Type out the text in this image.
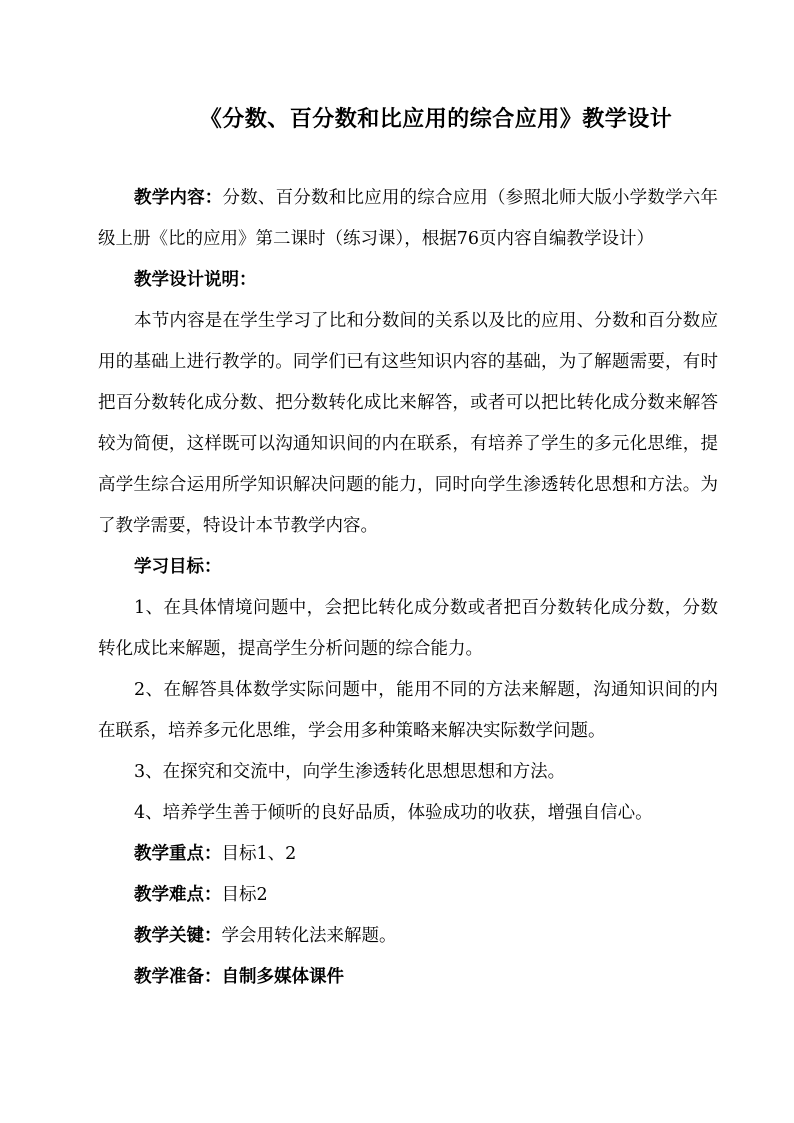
《分数、百分数和比应用的综合应用》教学设计

教学内容：分数、百分数和比应用的综合应用（参照北师大版小学数学六年级上册《比的应用》第二课时（练习课），根据76页内容自编教学设计）

教学设计说明：

本节内容是在学生学习了比和分数间的关系以及比的应用、分数和百分数应用的基础上进行教学的。同学们已有这些知识内容的基础，为了解题需要，有时把百分数转化成分数、把分数转化成比来解答，或者可以把比转化成分数来解答较为简便，这样既可以沟通知识间的内在联系，有培养了学生的多元化思维，提高学生综合运用所学知识解决问题的能力，同时向学生渗透转化思想和方法。为了教学需要，特设计本节教学内容。

学习目标：

1、在具体情境问题中，会把比转化成分数或者把百分数转化成分数，分数转化成比来解题，提高学生分析问题的综合能力。

2、在解答具体数学实际问题中，能用不同的方法来解题，沟通知识间的内在联系，培养多元化思维，学会用多种策略来解决实际数学问题。

3、在探究和交流中，向学生渗透转化思想思想和方法。

4、培养学生善于倾听的良好品质，体验成功的收获，增强自信心。

教学重点：目标1、2

教学难点：目标2

教学关键：学会用转化法来解题。

教学准备：自制多媒体课件
